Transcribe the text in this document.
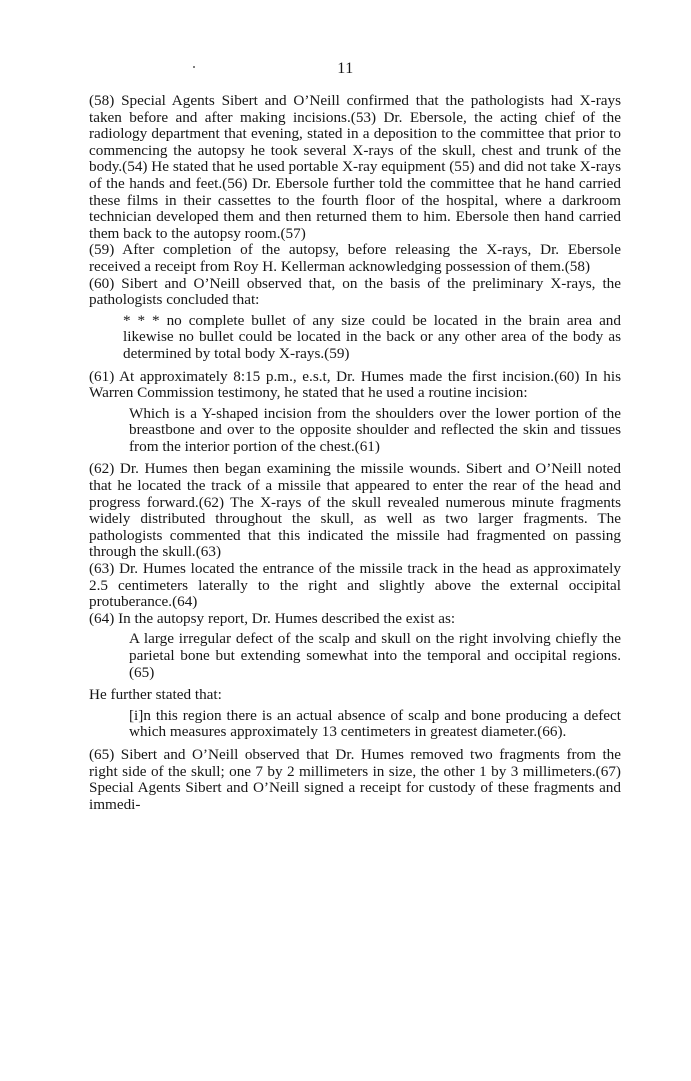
11

(58) Special Agents Sibert and O’Neill confirmed that the pathologists had X-rays taken before and after making incisions.(53) Dr. Ebersole, the acting chief of the radiology department that evening, stated in a deposition to the committee that prior to commencing the autopsy he took several X-rays of the skull, chest and trunk of the body.(54) He stated that he used portable X-ray equipment (55) and did not take X-rays of the hands and feet.(56) Dr. Ebersole further told the committee that he hand carried these films in their cassettes to the fourth floor of the hospital, where a darkroom technician developed them and then returned them to him. Ebersole then hand carried them back to the autopsy room.(57)

(59) After completion of the autopsy, before releasing the X-rays, Dr. Ebersole received a receipt from Roy H. Kellerman acknowledging possession of them.(58)

(60) Sibert and O’Neill observed that, on the basis of the preliminary X-rays, the pathologists concluded that:

* * * no complete bullet of any size could be located in the brain area and likewise no bullet could be located in the back or any other area of the body as determined by total body X-rays.(59)

(61) At approximately 8:15 p.m., e.s.t, Dr. Humes made the first incision.(60) In his Warren Commission testimony, he stated that he used a routine incision:

Which is a Y-shaped incision from the shoulders over the lower portion of the breastbone and over to the opposite shoulder and reflected the skin and tissues from the interior portion of the chest.(61)

(62) Dr. Humes then began examining the missile wounds. Sibert and O’Neill noted that he located the track of a missile that appeared to enter the rear of the head and progress forward.(62) The X-rays of the skull revealed numerous minute fragments widely distributed throughout the skull, as well as two larger fragments. The pathologists commented that this indicated the missile had fragmented on passing through the skull.(63)

(63) Dr. Humes located the entrance of the missile track in the head as approximately 2.5 centimeters laterally to the right and slightly above the external occipital protuberance.(64)

(64) In the autopsy report, Dr. Humes described the exist as:

A large irregular defect of the scalp and skull on the right involving chiefly the parietal bone but extending somewhat into the temporal and occipital regions.(65)

He further stated that:

[i]n this region there is an actual absence of scalp and bone producing a defect which measures approximately 13 centimeters in greatest diameter.(66).

(65) Sibert and O’Neill observed that Dr. Humes removed two fragments from the right side of the skull; one 7 by 2 millimeters in size, the other 1 by 3 millimeters.(67) Special Agents Sibert and O’Neill signed a receipt for custody of these fragments and immedi-
